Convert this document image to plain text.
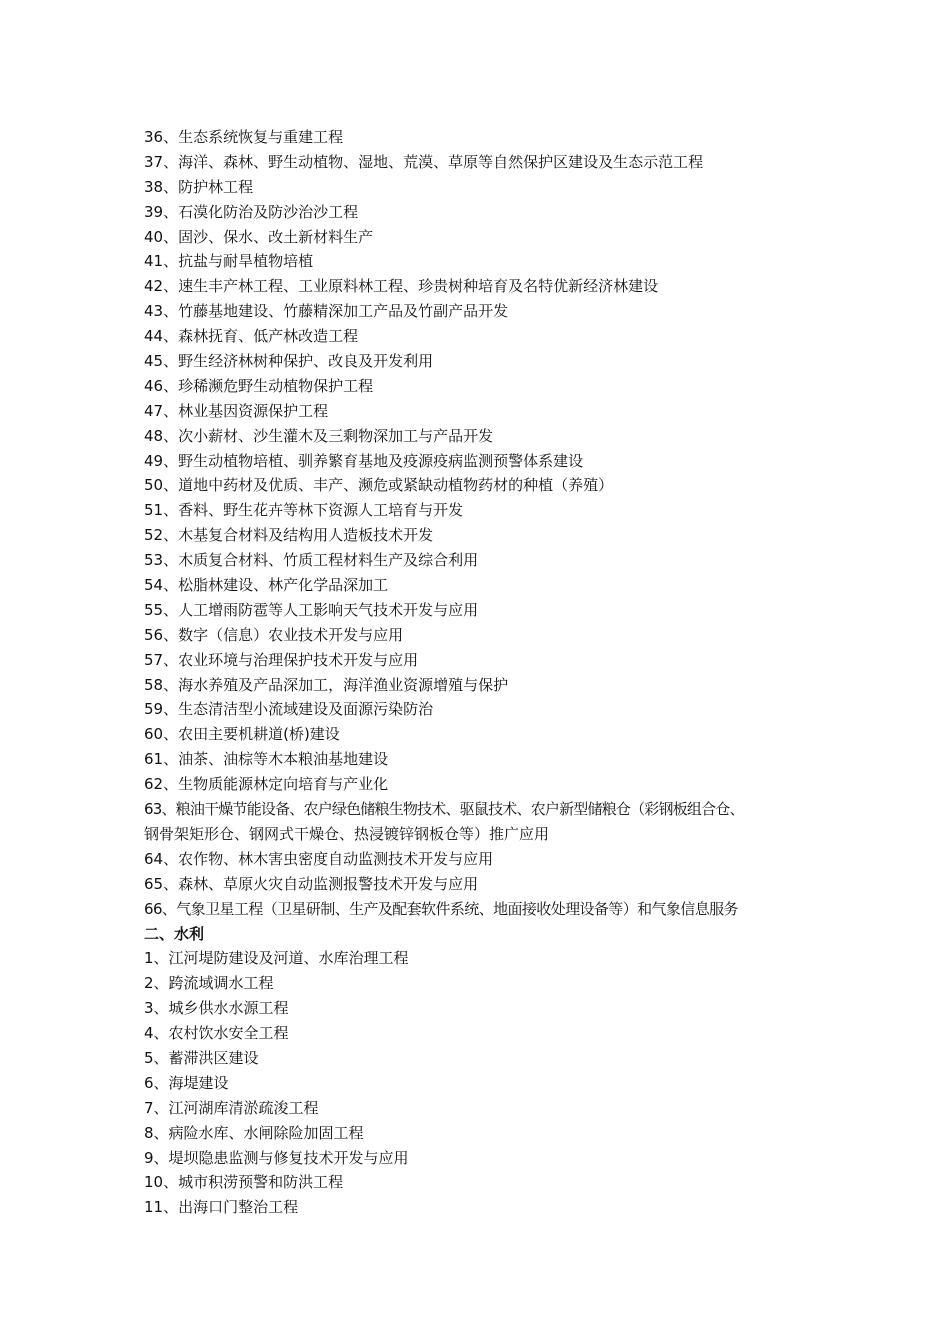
36、生态系统恢复与重建工程
37、海洋、森林、野生动植物、湿地、荒漠、草原等自然保护区建设及生态示范工程
38、防护林工程
39、石漠化防治及防沙治沙工程
40、固沙、保水、改土新材料生产
41、抗盐与耐旱植物培植
42、速生丰产林工程、工业原料林工程、珍贵树种培育及名特优新经济林建设
43、竹藤基地建设、竹藤精深加工产品及竹副产品开发
44、森林抚育、低产林改造工程
45、野生经济林树种保护、改良及开发利用
46、珍稀濒危野生动植物保护工程
47、林业基因资源保护工程
48、次小薪材、沙生灌木及三剩物深加工与产品开发
49、野生动植物培植、驯养繁育基地及疫源疫病监测预警体系建设
50、道地中药材及优质、丰产、濒危或紧缺动植物药材的种植（养殖）
51、香料、野生花卉等林下资源人工培育与开发
52、木基复合材料及结构用人造板技术开发
53、木质复合材料、竹质工程材料生产及综合利用
54、松脂林建设、林产化学品深加工
55、人工增雨防雹等人工影响天气技术开发与应用
56、数字（信息）农业技术开发与应用
57、农业环境与治理保护技术开发与应用
58、海水养殖及产品深加工，海洋渔业资源增殖与保护
59、生态清洁型小流域建设及面源污染防治
60、农田主要机耕道(桥)建设
61、油茶、油棕等木本粮油基地建设
62、生物质能源林定向培育与产业化
63、粮油干燥节能设备、农户绿色储粮生物技术、驱鼠技术、农户新型储粮仓（彩钢板组合仓、
钢骨架矩形仓、钢网式干燥仓、热浸镀锌钢板仓等）推广应用
64、农作物、林木害虫密度自动监测技术开发与应用
65、森林、草原火灾自动监测报警技术开发与应用
66、气象卫星工程（卫星研制、生产及配套软件系统、地面接收处理设备等）和气象信息服务
二、水利
1、江河堤防建设及河道、水库治理工程
2、跨流域调水工程
3、城乡供水水源工程
4、农村饮水安全工程
5、蓄滞洪区建设
6、海堤建设
7、江河湖库清淤疏浚工程
8、病险水库、水闸除险加固工程
9、堤坝隐患监测与修复技术开发与应用
10、城市积涝预警和防洪工程
11、出海口门整治工程
